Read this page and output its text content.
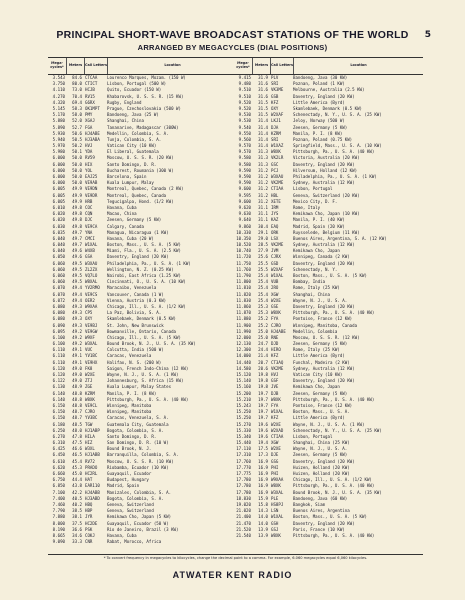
5
PRINCIPAL SHORT-WAVE BROADCAST STATIONS OF THE WORLD
ARRANGED BY MEGACYCLES (DIAL POSITIONS)
Mega-cycles*	Meters Call Letters	Location
3.543	84.6 CTCAA	Lourenco Marques, Mozam. (150 W)
3.750	80.0 CTICT	Lisbon, Portugal (500 W)
4.110	73.0 HCJB	Quito, Ecuador (150 W)
4.270	70.4 RV15	Khabarovsk, U. S. S. R. (15 KW)
4.320	69.4 G6RX	Rugby, England
5.145	58.3 OK1MPT	Prague, Czechoslovakia (500 W)
5.170	58.0 PMY	Bandoeng, Java (25 W)
5.880	52.0 XGAJ	Shanghai, China
5.890	52.7 FGA	Tananarive, Madagascar (300W)
5.930	50.6 HJ4ABE	Medellin, Colombia, S. A.
5.940	50.5 HJ3ABA	Tunja, Colombia, S. A.
5.970	50.2 HVJ	Vatican City (10 KW)
5.980	50.1 YDA	El Liberal, Guatemala
6.000	50.0 RV59	Moscow, U. S. S. R. (20 KW)
6.000	50.0 HIX	Santo Domingo, D. R.
6.000	50.0 YOL	Bucharest, Roumania (300 W)
6.000	50.0 EAJ25	Barcelona, Spain
6.000	50.0 VE9AB	Kuala Lumpur, Malay
6.005	49.9 VE9DN	Montreal, Quebec, Canada (2 KW)
6.005	49.9 VE9DR	Montreal, Quebec, Canada
6.005	49.9 HRB	Tegucigalpa, Hond. (1/2 KW)
6.010	49.8 COC	Havana, Cuba
6.020	49.8 CQN	Macao, China
6.020	49.8 DJC	Zeesen, Germany (5 KW)
6.030	49.8 VE9CA	Calgary, Canada
6.035	49.7 YNA	Managua, Nicaragua (1 KW)
6.040	49.7 CMCI	Havana, Cuba (20 W)
6.040	49.7 W1XAL	Boston, Mass., U. S. A. (5 KW)
6.040	49.6 W4XB	Miami, Fla., U. S. A. (2.5 KW)
6.050	49.6 GSA	Daventry, England (20 KW)
6.060	49.5 W3XAU	Philadelphia, Pa., U. S. A. (1 KW)
6.060	49.5 ZL2ZX	Wellington, N. Z. (0.25 KW)
6.060	49.5 VQ7LO	Nairobi, East Africa (1.25 KW)
6.060	49.5 W8XAL	Cincinnati, O., U. S. A. (10 KW)
6.070	49.4 YV2RMO	Maracaibo, Venezuela
6.070	49.4 VE9CS	Vancouver, Canada (1 W)
6.072	49.4 OER2	Vienna, Austria (0.3 KW)
6.080	49.3 W9XAA	Chicago, Ill., U. S. A. (1/2 KW)
6.080	49.3 CP5	La Paz, Bolivia, S. A.
6.080	49.3 OXY	Skamlebaek, Denmark (0.5 KW)
6.090	49.3 VE9BJ	St. John, New Brunswick
6.095	49.2 VE9GW	Bowmanville, Ontario, Canada
6.100	49.2 W9XF	Chicago, Ill., U. S. A. (5 KW)
6.100	49.2 W3XAL	Bound Brook, N. J., U. S. A. (35 KW)
6.110	49.1 VUC	Calcutta, India (500 W)
6.110	49.1 YV1BC	Caracas, Venezuela
6.110	49.1 VE9HX	Halifax, N. S. (200 W)
6.120	49.0 FK8	Saigon, French Indo-China (12 KW)
6.120	49.0 W2XE	Wayne, N. J., U. S. A. (1 KW)
6.122	49.0 ZTJ	Johannesburg, S. Africa (15 KW)
6.130	48.9 ZGE	Kuala Lumpur, Malay States
6.140	48.8 KZRM	Manila, P. I. (8 KW)
6.140	48.8 W8XK	Pittsburgh, Pa., U. S. A. (40 KW)
6.150	48.8 VE9CL	Winnipeg, Manitoba
6.150	48.7 CJRO	Winnipeg, Manitoba
6.150	48.7 YV3BC	Caracas, Venezuela, S. A.
6.180	48.5 TGW	Guatemala City, Guatemala
6.250	48.0 HJ1ABP	Bogota, Colombia, S. A.
6.270	47.8 HILA	Santo Domingo, D. R.
6.310	47.5 HIZ	San Domingo, D. R. (10 W)
6.425	46.6 W3XL	Bound Brook, N. J.
6.450	46.5 HJ1ABB	Barranquilla, Colombia, S. A.
6.610	45.4 RV72	Moscow, U. S. S. R. (10 KW)
6.620	45.3 PRADO	Riobamba, Ecuador (10 KW)
6.660	45.0 HC2RL	Guayaquil, Ecuador
6.750	44.4 HAT	Budapest, Hungary
6.850	43.8 EAR110	Madrid, Spain
7.100	42.2 HJ4ABB	Manizales, Colombia, S. A.
7.400	40.5 HJ3ABD	Bogota, Colombia, S. A.
7.460	40.2 HBQ	Geneva, Switzerland
7.790	38.5 HBP	Geneva, Switzerland
7.880	38.1 JYR	Kemikawa Cho, Japan (5 KW)
8.000	37.5 HC2DE	Guayaquil, Ecuador (50 W)
8.190	36.6 PSK	Rio de Janeiro, Brazil (3 KW)
8.665	34.6 COKJ	Havana, Cuba
9.090	33.3 CNR	Rabat, Morocco, Africa
Mega-cycles*	Meters Call Letters	Location
9.415	31.9 PLV	Bandoeng, Java (30 KW)
9.480	31.6 SRI	Poznan, Poland (1 KW)
9.510	31.6 VK3ME	Melbourne, Australia (2.5 KW)
9.510	31.6 GSB	Daventry, England (20 KW)
9.520	31.5 KFZ	Little America (Byrd)
9.520	31.5 OXY	Skamlebaek, Denmark (0.5 KW)
9.530	31.5 W2XAF	Schenectady, N. Y., U. S. A. (25 KW)
9.530	31.4 LKJ1	Jeloy, Norway (500 W)
9.540	31.4 DJA	Zeesen, Germany (5 KW)
9.550	31.4 KZRM	Manila, P. I. (8 KW)
9.560	31.4 SRI	Poznan, Poland (0.75 KW)
9.570	31.4 W1XAZ	Springfield, Mass., U. S. A. (10 KW)
9.570	31.3 W8XK	Pittsburgh, Pa., U. S. A. (40 KW)
9.580	31.3 VK2LR	Victoria, Australia (20 KW)
9.580	31.3 GSC	Daventry, England (20 KW)
9.590	31.2 PCJ	Hilversum, Holland (12 KW)
9.590	31.2 W3XAU	Philadelphia, Pa., U. S. A. (1 KW)
9.590	31.2 VK2ME	Sydney, Australia (12 KW)
9.600	31.2 CTIAA	Lisbon, Portugal
9.595	31.2 HBL	Geneva, Switzerland (20 KW)
9.600	31.2 XETE	Mexico City, D. F.
9.620	31.1 IRM	Rome, Italy
9.630	31.1 JYS	Kemikawa Cho, Japan (10 KW)
9.640	31.1 KAZ	Manila, P. I. (40 KW)
9.860	30.4 EAQ	Madrid, Spain (20 KW)
10.330	29.1 ORK	Ruysselede, Belgium (11 KW)
10.350	29.0 LSX	Buenos Aires, Argentina, S. A. (12 KW)
10.520	28.5 VK2ME	Sydney, Australia (12 KW)
10.740	27.9 JVM	Kemikawa Cho, Japan
11.720	25.6 CJRX	Winnipeg, Canada (2 KW)
11.750	25.5 GSD	Daventry, England (20 KW)
11.760	25.5 W2XAF	Schenectady, N. Y.
11.790	25.4 W1XAL	Boston, Mass., U. S. A. (5 KW)
11.800	25.4 VUB	Bombay, India
11.810	25.4 2RO	Rome, Italy (25 KW)
11.820	25.4 XGW	Shanghai, China
11.830	25.4 W2XE	Wayne, N. J., U. S. A.
11.860	25.3 GSE	Daventry, England (20 KW)
11.870	25.3 W8XK	Pittsburgh, Pa., U. S. A. (40 KW)
11.880	25.2 FYA	Pontoise, France (12 KW)
11.900	25.2 CJRO	Winnipeg, Manitoba, Canada
11.990	25.0 HJ4ABE	Medellin, Colombia
12.000	25.0 RNE	Moscow, U. S. S. R. (12 KW)
12.130	24.7 DJD	Zeesen, Germany (5 KW)
12.300	24.4 HIRO	Rome, Italy (25 KW)
14.000	21.4 KFZ	Little America (Byrd)
14.440	20.7 CT3AQ	Funchal, Madeira (2 KW)
14.580	20.6 VK2ME	Sydney, Australia (12 KW)
15.120	19.8 HVJ	Vatican City (10 KW)
15.140	19.8 GSF	Daventry, England (20 KW)
15.160	19.8 JVE	Kemikawa Cho, Japan
15.200	19.7 DJB	Zeesen, Germany (5 KW)
15.210	19.7 W8XK	Pittsburgh, Pa., U. S. A. (40 KW)
15.243	19.7 FYA	Pontoise, France (12 KW)
15.250	19.7 W1XAL	Boston, Mass., U. S. A.
15.250	19.7 KFZ	Little America (Byrd)
15.270	19.6 W2XE	Wayne, N. J., U. S. A. (1 KW)
15.330	19.6 W2XAD	Schenectady, N. Y., U. S. A. (25 KW)
15.340	19.6 CTIAA	Lisbon, Portugal
15.440	19.4 XGW	Shanghai, China (25 KW)
17.110	17.5 W2XE	Wayne, N. J., U. S. A.
17.310	17.3 DJE	Zeesen, Germany (5 KW)
17.760	16.9 GSG	Daventry, England (20 KW)
17.770	16.9 PHI	Huizen, Holland (20 KW)
17.775	16.9 PHI	Huizen, Holland (20 KW)
17.780	16.9 W9XAA	Chicago, Ill., U. S. A. (1/2 KW)
17.780	16.9 W8XK	Pittsburgh, Pa., U. S. A. (40 KW)
17.780	16.9 W3XAL	Bound Brook, N. J., U. S. A. (35 KW)
18.830	15.9 PLE	Bandoeng, Java (60 KW)
19.020	15.8 HS8PJ	Bangkok, Siam
21.020	14.3 LSN	Buenos Aires, Argentina
21.400	14.0 W1XAL	Boston, Mass., U. S. A. (5 KW)
21.470	14.0 GSH	Daventry, England (20 KW)
21.520	13.9 GSJ	Paris, France (10 KW)
21.540	13.9 W8XK	Pittsburgh, Pa., U. S. A. (40 KW)
* To convert frequency in megacycles to kilocycles, change the decimal point to a comma. For example, 6.060 megacycles equal 6,060 kilocycles.
ATWATER KENT RADIO
